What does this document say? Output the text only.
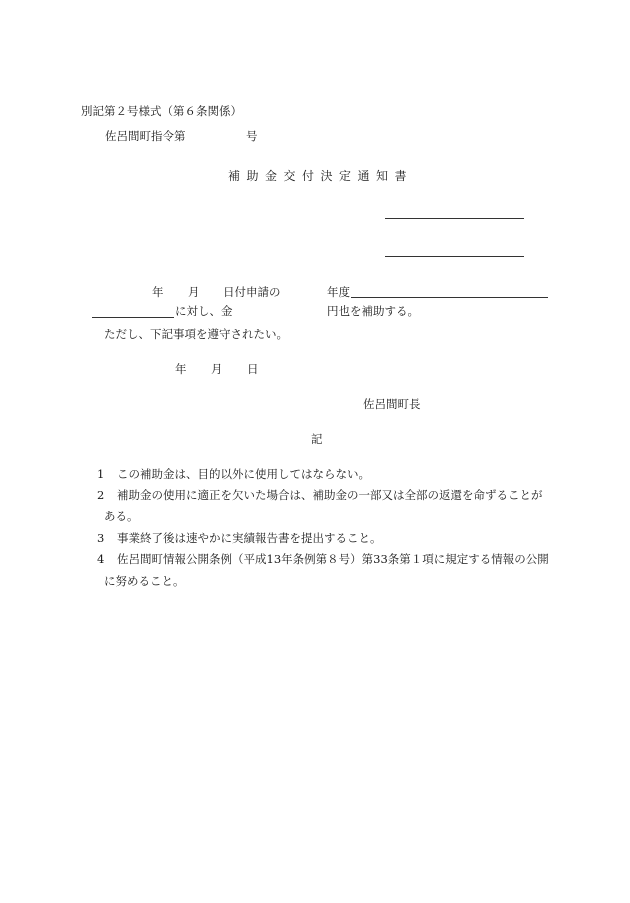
別記第２号様式（第６条関係）
佐呂間町指令第	号
補助金交付決定通知書
年 月 日付申請の	年度
に対し、金	円也を補助する。
ただし、下記事項を遵守されたい。
年 月 日
佐呂間町長
記
1 この補助金は、目的以外に使用してはならない。
2 補助金の使用に適正を欠いた場合は、補助金の一部又は全部の返還を命ずることが
ある。
3 事業終了後は速やかに実績報告書を提出すること。
4 佐呂間町情報公開条例（平成13年条例第８号）第33条第１項に規定する情報の公開
に努めること。
